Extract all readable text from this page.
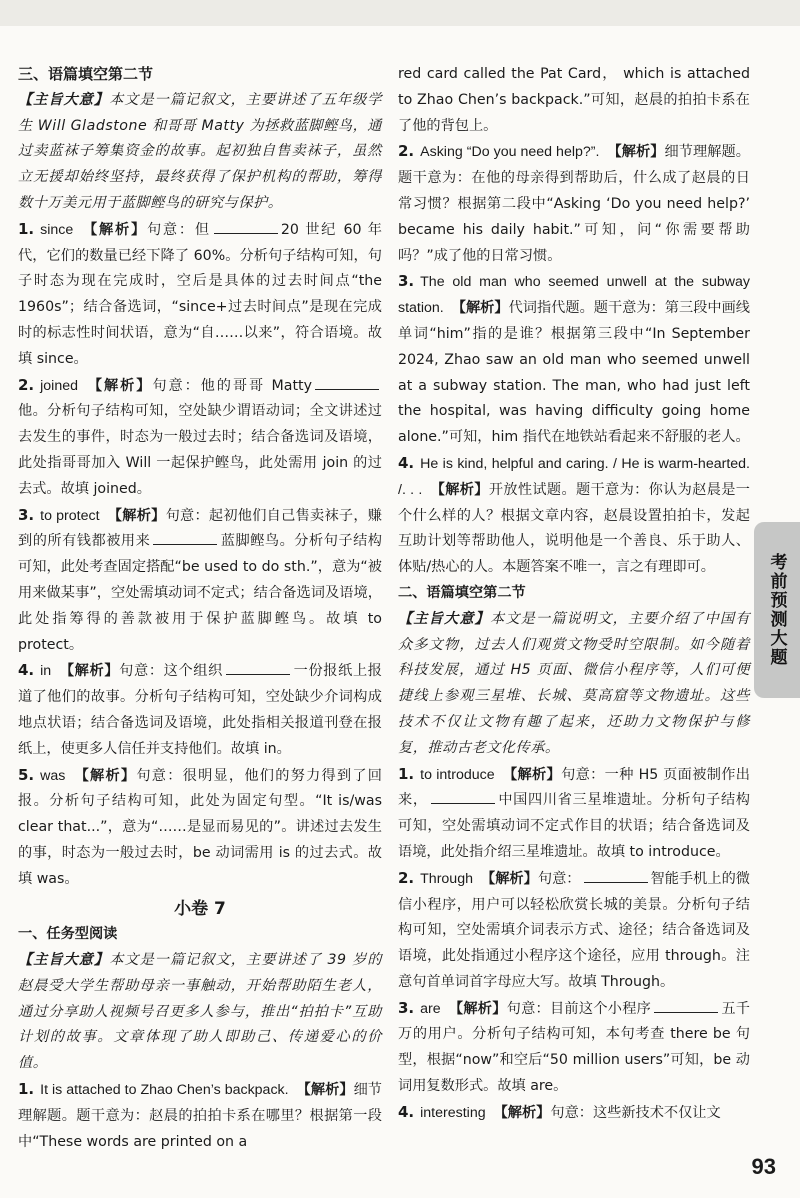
三、语篇填空第二节

【主旨大意】本文是一篇记叙文，主要讲述了五年级学生 Will Gladstone 和哥哥 Matty 为拯救蓝脚鲣鸟，通过卖蓝袜子筹集资金的故事。起初独自售卖袜子，虽然立无援却始终坚持，最终获得了保护机构的帮助，筹得数十万美元用于蓝脚鲣鸟的研究与保护。

1. since 【解析】句意：但	20 世纪 60 年代，它们的数量已经下降了 60%。分析句子结构可知，句子时态为现在完成时，空后是具体的过去时间点“the 1960s”；结合备选词，“since+过去时间点”是现在完成时的标志性时间状语，意为“自……以来”，符合语境。故填 since。

2. joined 【解析】句意：他的哥哥 Matty他。分析句子结构可知，空处缺少谓语动词；全文讲述过去发生的事件，时态为一般过去时；结合备选词及语境，此处指哥哥加入 Will 一起保护鲣鸟，此处需用 join 的过去式。故填 joined。

3. to protect 【解析】句意：起初他们自己售卖袜子，赚到的所有钱都被用来	蓝脚鲣鸟。分析句子结构可知，此处考查固定搭配“be used to do sth.”，意为“被用来做某事”，空处需填动词不定式；结合备选词及语境，此处指筹得的善款被用于保护蓝脚鲣鸟。故填 to protect。

4. in 【解析】句意：这个组织	一份报纸上报道了他们的故事。分析句子结构可知，空处缺少介词构成地点状语；结合备选词及语境，此处指相关报道刊登在报纸上，使更多人信任并支持他们。故填 in。

5. was 【解析】句意：很明显，他们的努力得到了回报。分析句子结构可知，此处为固定句型。“It is/was clear that...”，意为“……是显而易见的”。讲述过去发生的事，时态为一般过去时，be 动词需用 is 的过去式。故填 was。

小卷 7

一、任务型阅读

【主旨大意】本文是一篇记叙文，主要讲述了 39 岁的赵晨受大学生帮助母亲一事触动，开始帮助陌生老人，通过分享助人视频号召更多人参与，推出“拍拍卡”互助计划的故事。文章体现了助人即助己、传递爱心的价值。

1. It is attached to Zhao Chen’s backpack. 【解析】细节理解题。题干意为：赵晨的拍拍卡系在哪里？根据第一段中“These words are printed on a

red card called the Pat Card， which is attached to Zhao Chen’s backpack.”可知，赵晨的拍拍卡系在了他的背包上。

2. Asking “Do you need help?”. 【解析】细节理解题。题干意为：在他的母亲得到帮助后，什么成了赵晨的日常习惯？根据第二段中“Asking ‘Do you need help?’ became his daily habit.”可知，问“你需要帮助吗？”成了他的日常习惯。

3. The old man who seemed unwell at the subway station. 【解析】代词指代题。题干意为：第三段中画线单词“him”指的是谁？根据第三段中“In September 2024, Zhao saw an old man who seemed unwell at a subway station. The man, who had just left the hospital, was having difficulty going home alone.”可知，him 指代在地铁站看起来不舒服的老人。

4. He is kind, helpful and caring. / He is warm-hearted. /. . . 【解析】开放性试题。题干意为：你认为赵晨是一个什么样的人？根据文章内容，赵晨设置拍拍卡，发起互助计划等帮助他人，说明他是一个善良、乐于助人、体贴/热心的人。本题答案不唯一，言之有理即可。

二、语篇填空第二节

【主旨大意】本文是一篇说明文，主要介绍了中国有众多文物，过去人们观赏文物受时空限制。如今随着科技发展，通过 H5 页面、微信小程序等，人们可便捷线上参观三星堆、长城、莫高窟等文物遗址。这些技术不仅让文物有趣了起来，还助力文物保护与修复，推动古老文化传承。

1. to introduce 【解析】句意：一种 H5 页面被制作出来，	中国四川省三星堆遗址。分析句子结构可知，空处需填动词不定式作目的状语；结合备选词及语境，此处指介绍三星堆遗址。故填 to introduce。

2. Through 【解析】句意：	智能手机上的微信小程序，用户可以轻松欣赏长城的美景。分析句子结构可知，空处需填介词表示方式、途径；结合备选词及语境，此处指通过小程序这个途径，应用 through。注意句首单词首字母应大写。故填 Through。

3. are 【解析】句意：目前这个小程序	五千万的用户。分析句子结构可知，本句考查 there be 句型，根据“now”和空后“50 million users”可知，be 动词用复数形式。故填 are。

4. interesting 【解析】句意：这些新技术不仅让文

考前预测大题
93
